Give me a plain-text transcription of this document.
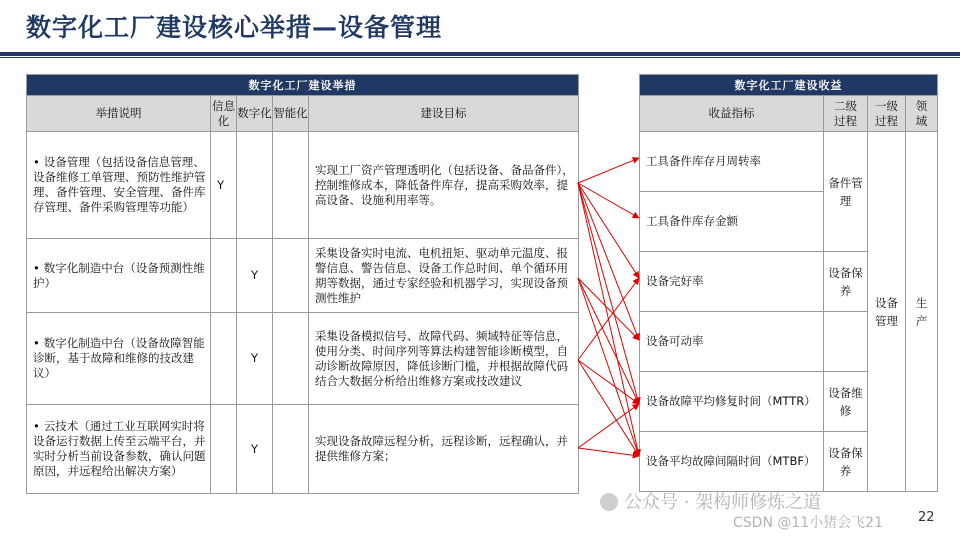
数字化工厂建设核心举措—设备管理
数字化工厂建设举措				
举措说明	信息化	数字化	智能化	建设目标
• 设备管理（包括设备信息管理、设备维修工单管理、预防性维护管理、备件管理、安全管理、备件库存管理、备件采购管理等功能）	Y			实现工厂资产管理透明化（包括设备、备品备件），控制维修成本，降低备件库存，提高采购效率，提高设备、设施利用率等。
• 数字化制造中台（设备预测性维护）		Y		采集设备实时电流、电机扭矩、驱动单元温度、报警信息、警告信息、设备工作总时间、单个循环用期等数据，通过专家经验和机器学习，实现设备预测性维护
• 数字化制造中台（设备故障智能诊断，基于故障和维修的技改建议）		Y		采集设备模拟信号、故障代码、频域特征等信息，使用分类、时间序列等算法构建智能诊断模型，自动诊断故障原因，降低诊断门槛，并根据故障代码结合大数据分析给出维修方案或技改建议
• 云技术（通过工业互联网实时将设备运行数据上传至云端平台，并实时分析当前设备参数，确认问题原因，并远程给出解决方案）		Y		实现设备故障远程分析，远程诊断，远程确认，并提供维修方案；
数字化工厂建设收益			
收益指标	二级过程	一级过程	领域
工具备件库存月周转率	备件管理	设备管理	生产
工具备件库存金额			
设备完好率	设备保养		
设备可动率			
设备故障平均修复时间（MTTR）	设备维修		
设备平均故障间隔时间（MTBF）	设备保养		
公众号 · 架构师修炼之道
CSDN @11小猪会飞21	22
